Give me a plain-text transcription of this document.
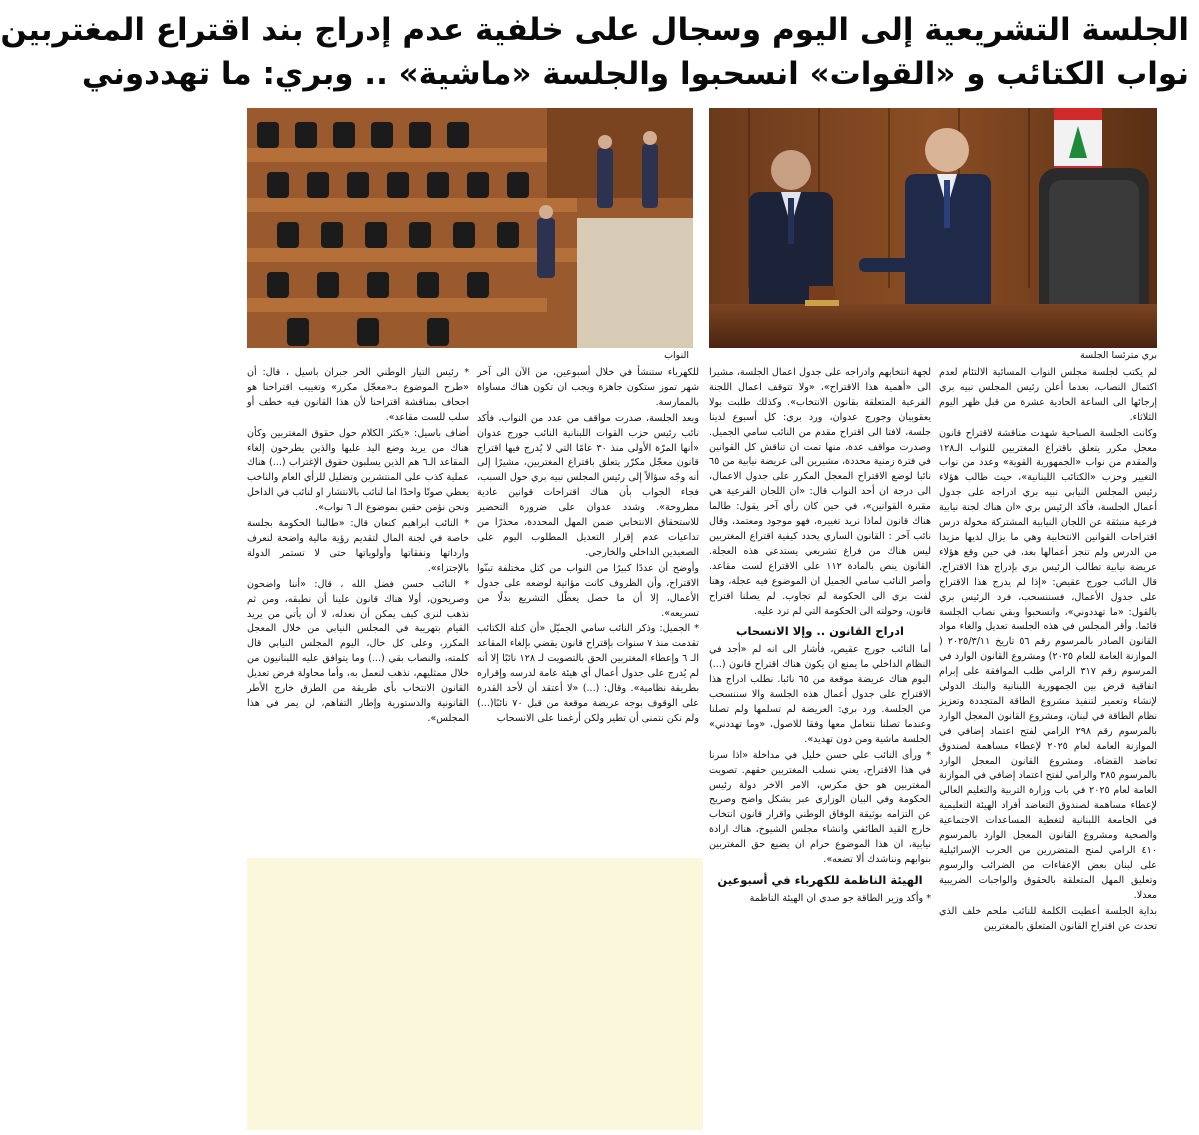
الجلسة التشريعية إلى اليوم وسجال على خلفية عدم إدراج بند اقتراع المغتربين
نواب الكتائب و «القوات» انسحبوا والجلسة «ماشية» .. وبري: ما تهددوني
بري مترئسا الجلسة
النواب

لم يكتب لجلسة مجلس النواب المسائية الالتئام لعدم اكتمال النصاب، بعدما أعلن رئيس المجلس نبيه بري إرجائها الى الساعة الحادية عشرة من قبل ظهر اليوم الثلاثاء.

وكانت الجلسة الصباحية شهدت مناقشة لاقتراح قانون معجل مكرر يتعلق باقتراع المغتربين للنواب الـ١٢٨ والمقدم من نواب «الجمهورية القوية» وعدد من نواب التغيير وحزب «الكتائب اللبنانية»، حيث طالب هؤلاء رئيس المجلس النيابي نبيه بري ادراجه على جدول أعمال الجلسة، فأكد الرئيس بري «ان هناك لجنة نيابية فرعية منبثقة عن اللجان النيابية المشتركة مخولة درس اقتراحات القوانين الانتخابية وهي ما يزال لديها مزيدا من الدرس ولم تنجز أعمالها بعد، في حين وقع هؤلاء عريضة نيابية تطالب الرئيس بري بإدراج هذا الاقتراح، قال النائب جورج عقيص: «إذا لم يدرج هذا الاقتراح على جدول الأعمال، فسننسحب، فرد الرئيس بري بالقول: «ما تهددوني»، وانسحبوا وبقي نصاب الجلسة قائما. وأقر المجلس في هذه الجلسة تعديل والغاء مواد القانون الصادر بالمرسوم رقم ٥٦ تاريخ ٢٠٢٥/٣/١١ ( الموازنة العامة للعام ٢٠٢٥) ومشروع القانون الوارد في المرسوم رقم ٣١٧ الرامي طلب الموافقة على إبرام اتفاقية قرض بين الجمهورية اللبنانية والبنك الدولي لإنشاء وتعمير لتنفيذ مشروع الطاقة المتجددة وتعزيز نظام الطاقة في لبنان، ومشروع القانون المعجل الوارد بالمرسوم رقم ٢٩٨ الرامي لفتح اعتماد إضافي في الموازنة العامة لعام ٢٠٢٥ لإعطاء مساهمة لصندوق تعاضد القضاة، ومشروع القانون المعجل الوارد بالمرسوم ٣٨٥ والرامي لفتح اعتماد إضافي في الموازنة العامة لعام ٢٠٢٥ في باب وزارة التربية والتعليم العالي لإعطاء مساهمة لصندوق التعاضد أفراد الهيئة التعليمية في الجامعة اللبنانية لتغطية المساعدات الاجتماعية والصحية ومشروع القانون المعجل الوارد بالمرسوم ٤١٠ الرامي لمنح المتضررين من الحرب الإسرائيلية على لبنان بعض الإعفاءات من الضرائب والرسوم وتعليق المهل المتعلقة بالحقوق والواجبات الضريبية معدلا.

بداية الجلسة أعطيت الكلمة للنائب ملحم خلف الذي تحدث عن اقتراح القانون المتعلق بالمغتربين

لجهة انتخابهم وادراجه على جدول اعمال الجلسة، مشيرا الى «أهمية هذا الاقتراح»، «ولا تتوقف اعمال اللجنة الفرعية المتعلقة بقانون الانتخاب». وكذلك طلبت بولا يعقوبيان وجورج عدوان، ورد بري: كل أسبوع لدينا جلسة، لافتا الى اقتراح مقدم من النائب سامي الجميل. وصدرت مواقف عدة، منها تمت ان تناقش كل القوانين في فترة زمنية محددة، مشيرين الى عريضة نيابية من ٦٥ نائبا لوضع الاقتراح المعجل المكرر على جدول الاعمال، الى درجة ان أحد النواب قال: «ان اللجان الفرعية هي مقبرة القوانين»، في حين كان رأي آخر يقول: طالما هناك قانون لماذا نريد تغييره، فهو موجود ومعتمد، وقال نائب آخر : القانون الساري يحدد كيفية اقتراع المغتربين ليس هناك من فراغ تشريعي يستدعي هذه العجلة. القانون ينص بالمادة ١١٢ على الاقتراع لست مقاعد. وأصر النائب سامي الجميل ان الموضوع فيه عجلة، وهنا لفت بري الى الحكومة لم تجاوب. لم يصلنا اقتراح قانون، وحولته الى الحكومة التي لم ترد عليه.

ادراج القانون .. وإلا الانسحاب

أما النائب جورج عقيص، فأشار الى انه لم «أجد في النظام الداخلي ما يمنع ان يكون هناك اقتراح قانون (...) اليوم هناك عريضة موقعة من ٦٥ نائبا. نطلب ادراج هذا الاقتراح على جدول أعمال هذه الجلسة والا سننسحب من الجلسة. ورد بري: العريضة لم تسلمها ولم تصلنا وعندما تصلنا نتعامل معها وفقا للاصول، «وما تهددني» الجلسة ماشية ومن دون تهديد».

* ورأى النائب علي حسن خليل في مداخلة «اذا سرنا في هذا الاقتراح، يعني نسلب المغتربين حقهم. تصويت المغتربين هو حق مكرس، الامر الاخر دولة رئيس الحكومة وفي البيان الوزاري عبر بشكل واضح وصريح عن التزامه بوثيقة الوفاق الوطني واقرار قانون انتخاب خارج القيد الطائفي وانشاء مجلس الشيوخ، هناك ارادة نيابية، ان هذا الموضوع حرام ان يضيع حق المغتربين بنوابهم ونناشدك ألا تضعه».

الهيئة الناظمة للكهرباء في أسبوعين

* وأكد وزير الطاقة جو صدي ان الهيئة الناظمة

للكهرباء ستنشأ في خلال أسبوعين، من الآن الى آخر شهر تموز ستكون جاهزة ويجب ان تكون هناك مساواة بالممارسة.

وبعد الجلسة، صدرت مواقف من عدد من النواب، فأكد نائب رئيس حزب القوات اللبنانية النائب جورج عدوان «أنها المرّة الأولى منذ ٣٠ عامًا التي لا يُدرج فيها اقتراح قانون معجّل مكرّر يتعلق باقتراع المغتربين، مشيرًا إلى أنه وجّه سؤالاً إلى رئيس المجلس نبيه بري حول السبب، فجاء الجواب بأن هناك اقتراحات قوانين عادية مطروحة». وشدد عدوان على ضرورة التحضير للاستحقاق الانتخابي ضمن المهل المحددة، محذرًا من تداعيات عدم إقرار التعديل المطلوب اليوم على الصعيدين الداخلي والخارجي.

وأوضح أن عددًا كبيرًا من النواب من كتل مختلفة تبنّوا الاقتراح، وأن الظروف كانت مؤاتية لوضعه على جدول الأعمال، إلا أن ما حصل يعطّل التشريع بدلًا من تسريعه».

* الجميل: وذكر النائب سامي الجميّل «أن كتلة الكتائب تقدمت منذ ٧ سنوات بإقتراح قانون يقضي بإلغاء المقاعد الـ ٦ وإعطاء المغتربين الحق بالتصويت لـ ١٢٨ نائبًا إلا أنه لم يُدرج على جدول أعمال أي هيئة عامة لدرسه وإقراره بطريقة نظامية». وقال: (...) «لا أعتقد أن لأحد القدرة على الوقوف بوجه عريضة موقعة من قبل ٧٠ نائبًا(...) ولم نكن نتمنى أن تطير ولكن أرغمنا على الانسحاب

* رئيس التيار الوطني الحر جبران باسيل ، قال: أن «طرح الموضوع بـ«معجّل مكرر» وتغييب اقتراحنا هو اجحاف بمناقشة اقتراحنا لأن هذا القانون فيه خطف أو سلب للست مقاعد».

أضاف باسيل: «يكثر الكلام حول حقوق المغتربين وكأن هناك من يريد وضع اليد عليها والذين يطرحون إلغاء المقاعد الـ٦ هم الذين يسلبون حقوق الإغتراب (...) هناك عملية كذب على المنتشرين وتضليل للرأي العام والناخب يعطي صوتًا واحدًا اما لنائب بالانتشار او لنائب في الداخل ونحن نؤمن حقين بموضوع الـ ٦ نواب».

* النائب ابراهيم كنعان قال: «طالبنا الحكومة بجلسة خاصة في لجنة المال لتقديم رؤية مالية واضحة لنعرف وارداتها ونفقاتها وأولوياتها حتى لا تستمر الدولة بالإجتزاء».

* النائب حسن فضل الله ، قال: «أننا واضحون وصريحون، أولا هناك قانون علينا أن نطبقه، ومن ثم نذهب لنرى كيف يمكن أن نعدله، لا أن يأتي من يريد القيام بتهريبة في المجلس النيابي من خلال المعجل المكرر، وعلى كل حال، اليوم المجلس النيابي قال كلمته، والنصاب بقي (...) وما يتوافق عليه اللبنانيون من خلال ممثليهم، نذهب لنعمل به، وأما محاولة فرض تعديل القانون الانتخاب بأي طريقة من الطرق خارج الأطر القانونية والدستورية وإطار التفاهم، لن يمر في هذا المجلس».
